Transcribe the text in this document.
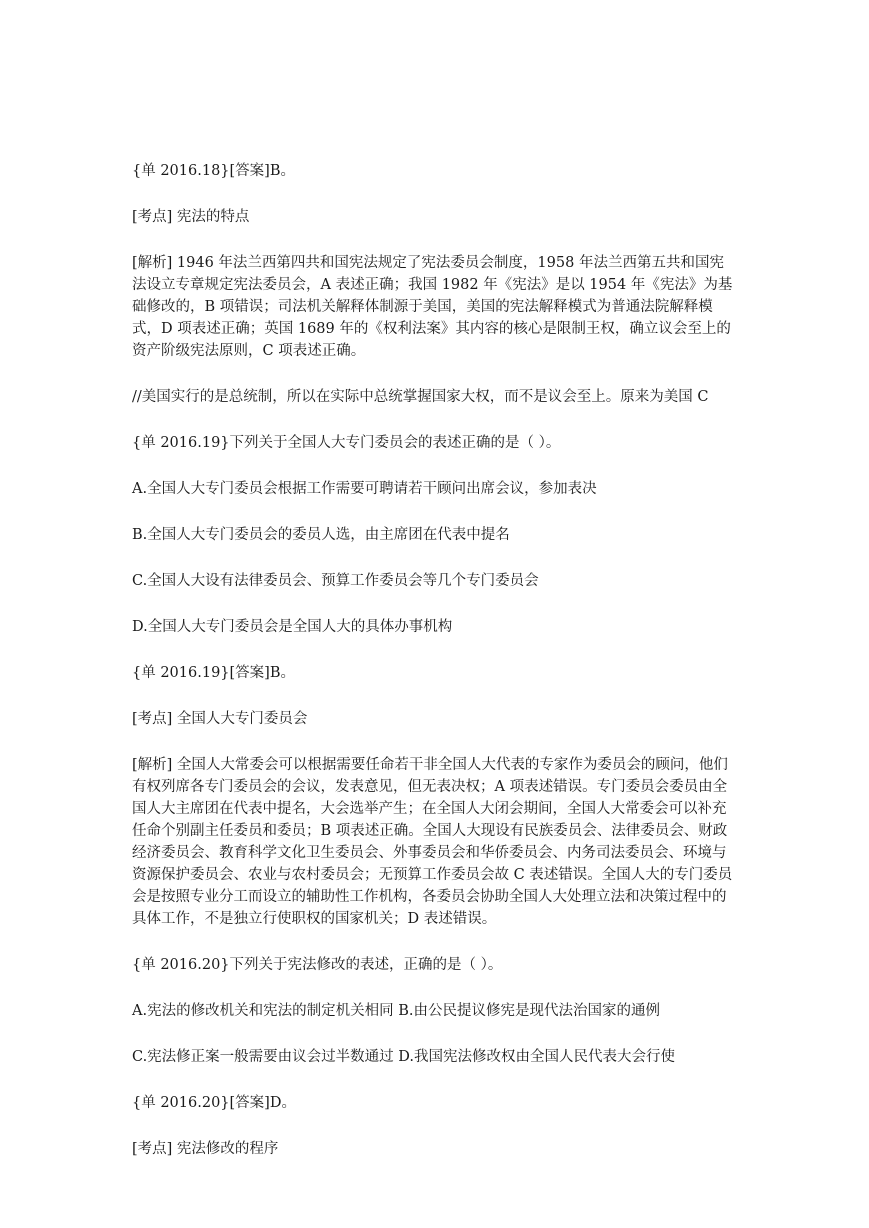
{单 2016.18}[答案]B。

[考点] 宪法的特点

[解析] 1946 年法兰西第四共和国宪法规定了宪法委员会制度，1958 年法兰西第五共和国宪法设立专章规定宪法委员会，A 表述正确；我国 1982 年《宪法》是以 1954 年《宪法》为基础修改的，B 项错误；司法机关解释体制源于美国，美国的宪法解释模式为普通法院解释模式，D 项表述正确；英国 1689 年的《权利法案》其内容的核心是限制王权，确立议会至上的资产阶级宪法原则，C 项表述正确。

//美国实行的是总统制，所以在实际中总统掌握国家大权，而不是议会至上。原来为美国 C

{单 2016.19}下列关于全国人大专门委员会的表述正确的是（ ）。

A.全国人大专门委员会根据工作需要可聘请若干顾问出席会议，参加表决

B.全国人大专门委员会的委员人选，由主席团在代表中提名

C.全国人大设有法律委员会、预算工作委员会等几个专门委员会

D.全国人大专门委员会是全国人大的具体办事机构

{单 2016.19}[答案]B。

[考点] 全国人大专门委员会

[解析] 全国人大常委会可以根据需要任命若干非全国人大代表的专家作为委员会的顾问，他们有权列席各专门委员会的会议，发表意见，但无表决权；A 项表述错误。专门委员会委员由全国人大主席团在代表中提名，大会选举产生；在全国人大闭会期间，全国人大常委会可以补充任命个别副主任委员和委员；B 项表述正确。全国人大现设有民族委员会、法律委员会、财政经济委员会、教育科学文化卫生委员会、外事委员会和华侨委员会、内务司法委员会、环境与资源保护委员会、农业与农村委员会；无预算工作委员会故 C 表述错误。全国人大的专门委员会是按照专业分工而设立的辅助性工作机构，各委员会协助全国人大处理立法和决策过程中的具体工作，不是独立行使职权的国家机关；D 表述错误。

{单 2016.20}下列关于宪法修改的表述，正确的是（ ）。

A.宪法的修改机关和宪法的制定机关相同 B.由公民提议修宪是现代法治国家的通例

C.宪法修正案一般需要由议会过半数通过 D.我国宪法修改权由全国人民代表大会行使

{单 2016.20}[答案]D。

[考点] 宪法修改的程序
